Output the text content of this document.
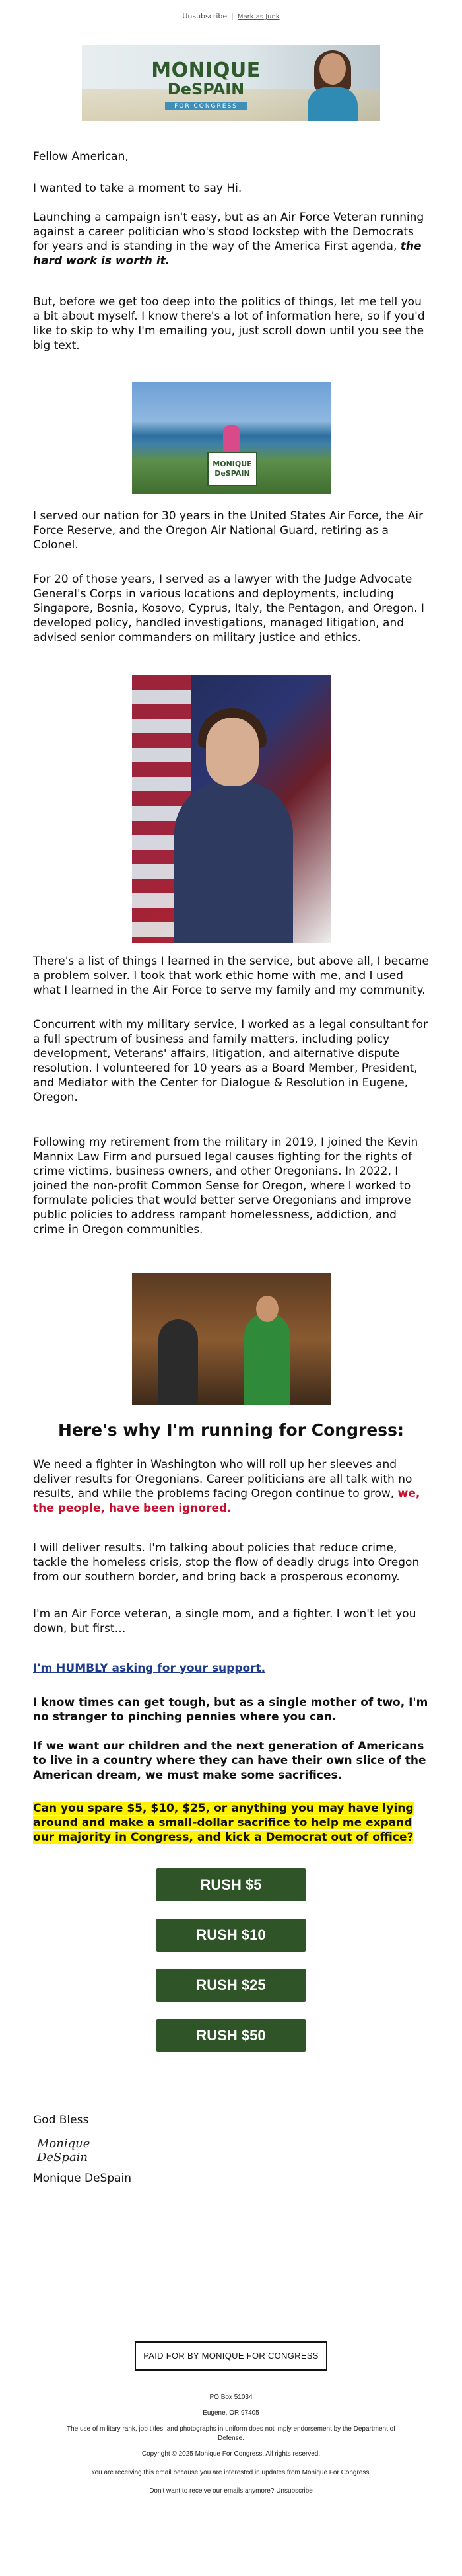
Unsubscribe | Mark as Junk
MONIQUE
DeSPAIN
FOR CONGRESS
Fellow American,
I wanted to take a moment to say Hi.
Launching a campaign isn't easy, but as an Air Force Veteran running against a career politician who's stood lockstep with the Democrats for years and is standing in the way of the America First agenda, the hard work is worth it.
But, before we get too deep into the politics of things, let me tell you a bit about myself. I know there's a lot of information here, so if you'd like to skip to why I'm emailing you, just scroll down until you see the big text.
MONIQUE DeSPAIN
I served our nation for 30 years in the United States Air Force, the Air Force Reserve, and the Oregon Air National Guard, retiring as a Colonel.
For 20 of those years, I served as a lawyer with the Judge Advocate General's Corps in various locations and deployments, including Singapore, Bosnia, Kosovo, Cyprus, Italy, the Pentagon, and Oregon. I developed policy, handled investigations, managed litigation, and advised senior commanders on military justice and ethics.
There's a list of things I learned in the service, but above all, I became a problem solver. I took that work ethic home with me, and I used what I learned in the Air Force to serve my family and my community.
Concurrent with my military service, I worked as a legal consultant for a full spectrum of business and family matters, including policy development, Veterans' affairs, litigation, and alternative dispute resolution. I volunteered for 10 years as a Board Member, President, and Mediator with the Center for Dialogue & Resolution in Eugene, Oregon.
Following my retirement from the military in 2019, I joined the Kevin Mannix Law Firm and pursued legal causes fighting for the rights of crime victims, business owners, and other Oregonians. In 2022, I joined the non-profit Common Sense for Oregon, where I worked to formulate policies that would better serve Oregonians and improve public policies to address rampant homelessness, addiction, and crime in Oregon communities.
Here's why I'm running for Congress:
We need a fighter in Washington who will roll up her sleeves and deliver results for Oregonians. Career politicians are all talk with no results, and while the problems facing Oregon continue to grow, we, the people, have been ignored.
I will deliver results. I'm talking about policies that reduce crime, tackle the homeless crisis, stop the flow of deadly drugs into Oregon from our southern border, and bring back a prosperous economy.
I'm an Air Force veteran, a single mom, and a fighter. I won't let you down, but first…
I'm HUMBLY asking for your support.
I know times can get tough, but as a single mother of two, I'm no stranger to pinching pennies where you can.
If we want our children and the next generation of Americans to live in a country where they can have their own slice of the American dream, we must make some sacrifices.
Can you spare $5, $10, $25, or anything you may have lying around and make a small-dollar sacrifice to help me expand our majority in Congress, and kick a Democrat out of office?
RUSH $5
RUSH $10
RUSH $25
RUSH $50
God Bless
Monique DeSpain
Monique DeSpain
PAID FOR BY MONIQUE FOR CONGRESS
PO Box 51034
Eugene, OR 97405
The use of military rank, job titles, and photographs in uniform does not imply endorsement by the Department of Defense.
Copyright © 2025 Monique For Congress, All rights reserved.
You are receiving this email because you are interested in updates from Monique For Congress.
Don't want to receive our emails anymore? Unsubscribe
